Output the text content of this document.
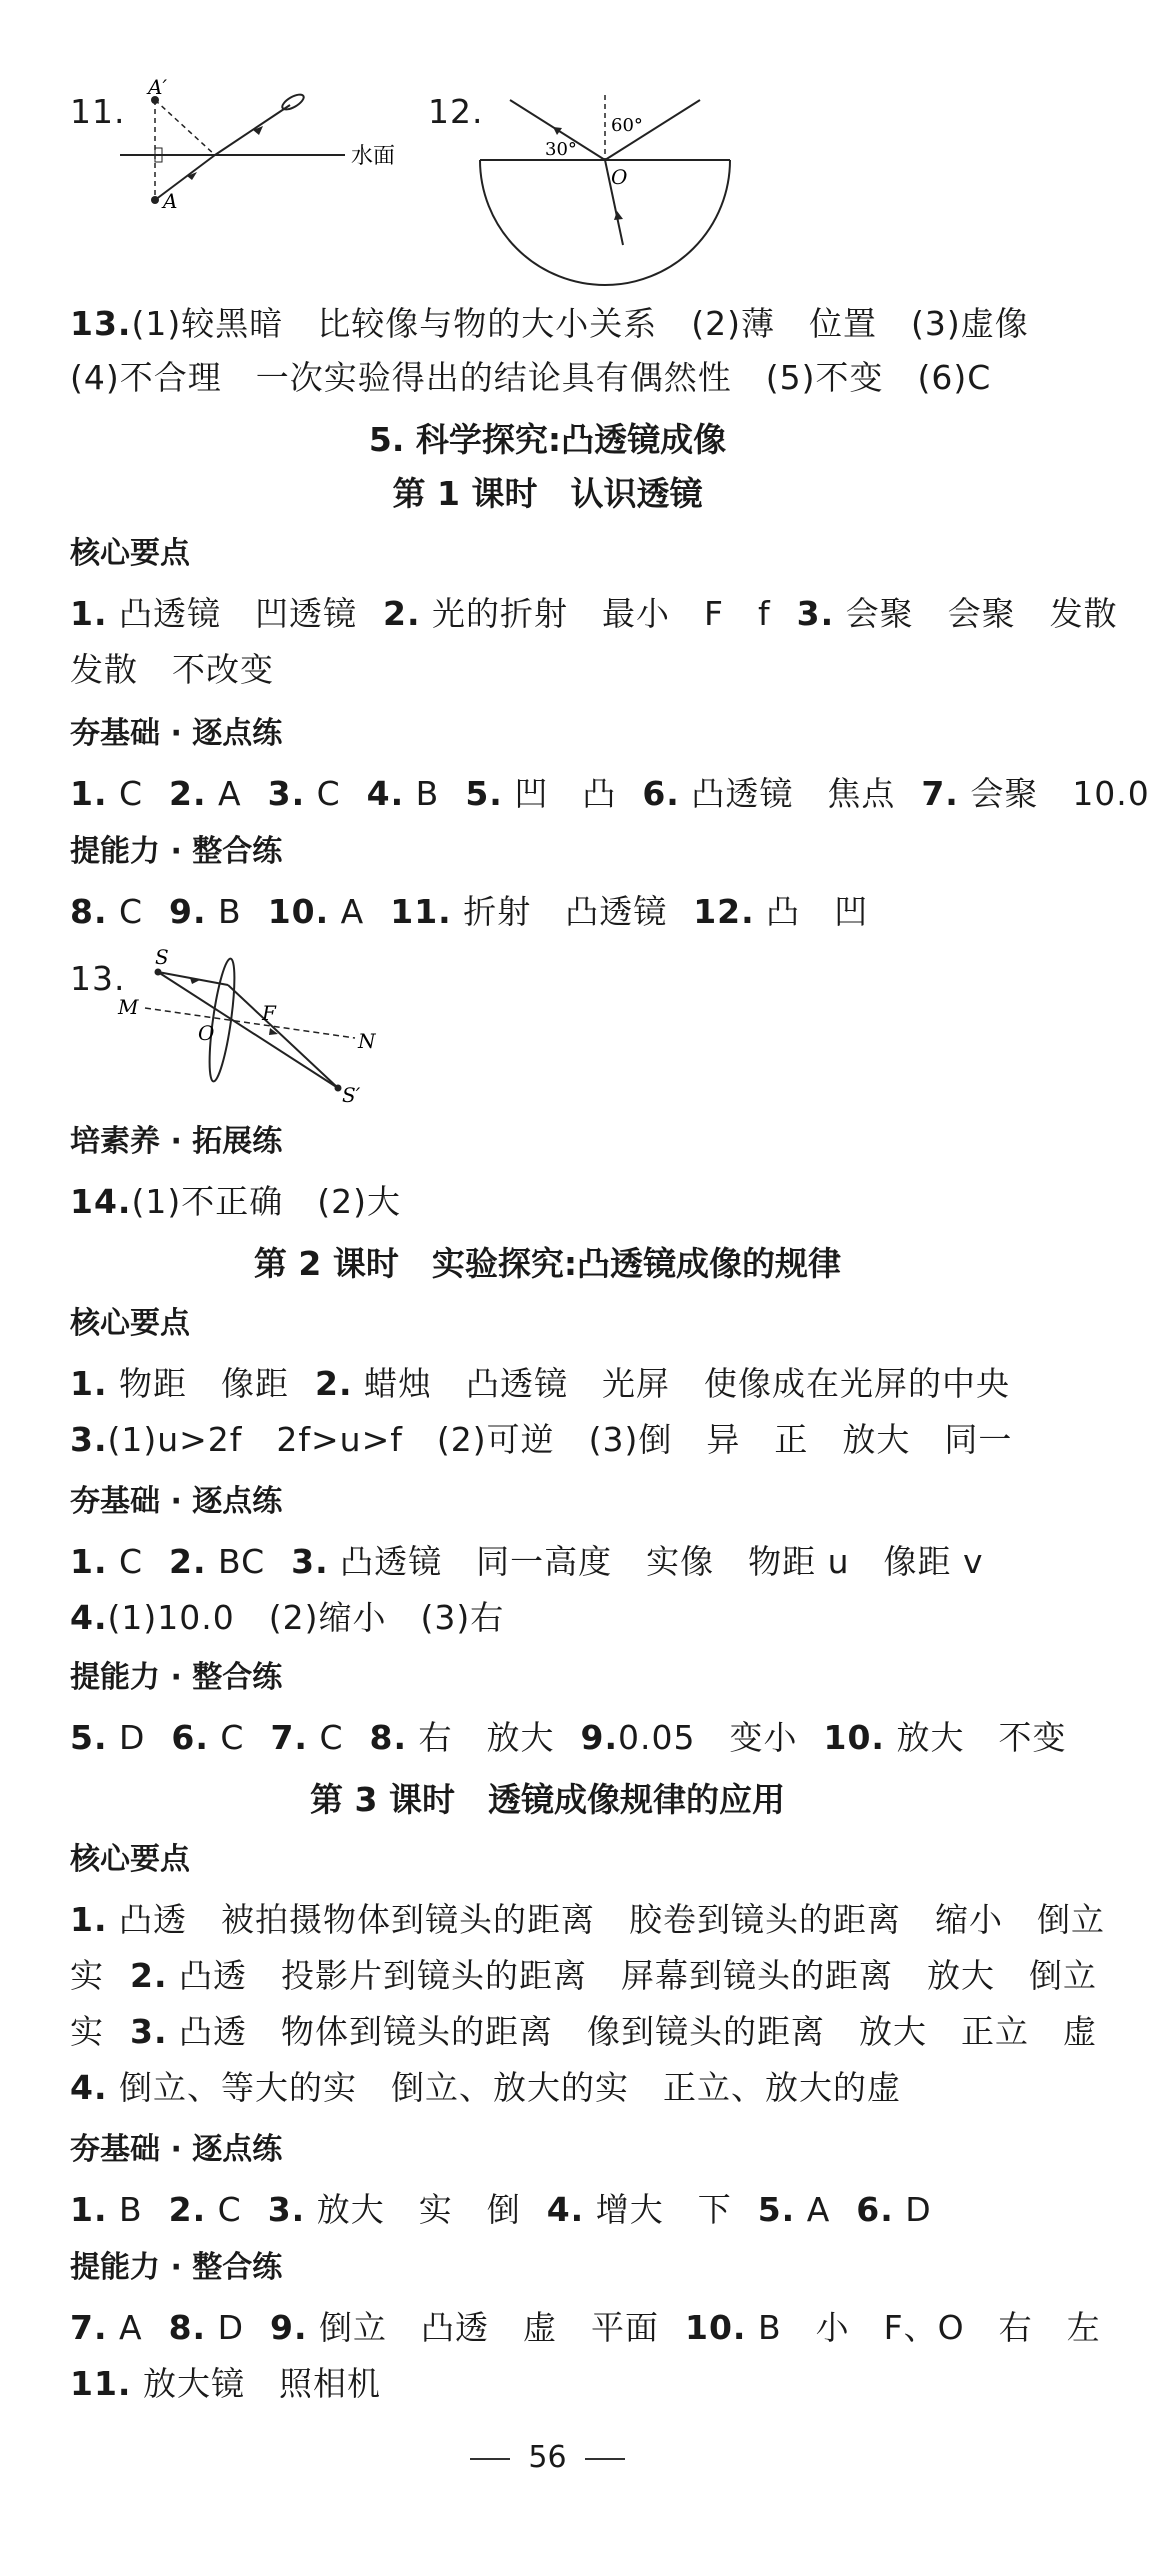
11.
A′
A
水面
12.
30°
60°
O
13.(1)较黑暗　比较像与物的大小关系　(2)薄　位置　(3)虚像
(4)不合理　一次实验得出的结论具有偶然性　(5)不变　(6)C
5. 科学探究:凸透镜成像
第 1 课时　认识透镜
核心要点
1. 凸透镜　凹透镜 2. 光的折射　最小　F　f 3. 会聚　会聚　发散
发散　不改变
夯基础 · 逐点练
1. C 2. A 3. C 4. B 5. 凹　凸 6. 凸透镜　焦点 7. 会聚　10.0
提能力 · 整合练
8. C 9. B 10. A 11. 折射　凸透镜 12. 凸　凹
13.
S
M
O
F
N
S′
培素养 · 拓展练
14.(1)不正确　(2)大
第 2 课时　实验探究:凸透镜成像的规律
核心要点
1. 物距　像距 2. 蜡烛　凸透镜　光屏　使像成在光屏的中央
3.(1)u>2f　2f>u>f　(2)可逆　(3)倒　异　正　放大　同一
夯基础 · 逐点练
1. C 2. BC 3. 凸透镜　同一高度　实像　物距 u　像距 v
4.(1)10.0　(2)缩小　(3)右
提能力 · 整合练
5. D 6. C 7. C 8. 右　放大 9.0.05　变小 10. 放大　不变
第 3 课时　透镜成像规律的应用
核心要点
1. 凸透　被拍摄物体到镜头的距离　胶卷到镜头的距离　缩小　倒立
实 2. 凸透　投影片到镜头的距离　屏幕到镜头的距离　放大　倒立
实 3. 凸透　物体到镜头的距离　像到镜头的距离　放大　正立　虚
4. 倒立、等大的实　倒立、放大的实　正立、放大的虚
夯基础 · 逐点练
1. B 2. C 3. 放大　实　倒 4. 增大　下 5. A 6. D
提能力 · 整合练
7. A 8. D 9. 倒立　凸透　虚　平面 10. B　小　F、O　右　左
11. 放大镜　照相机
56
